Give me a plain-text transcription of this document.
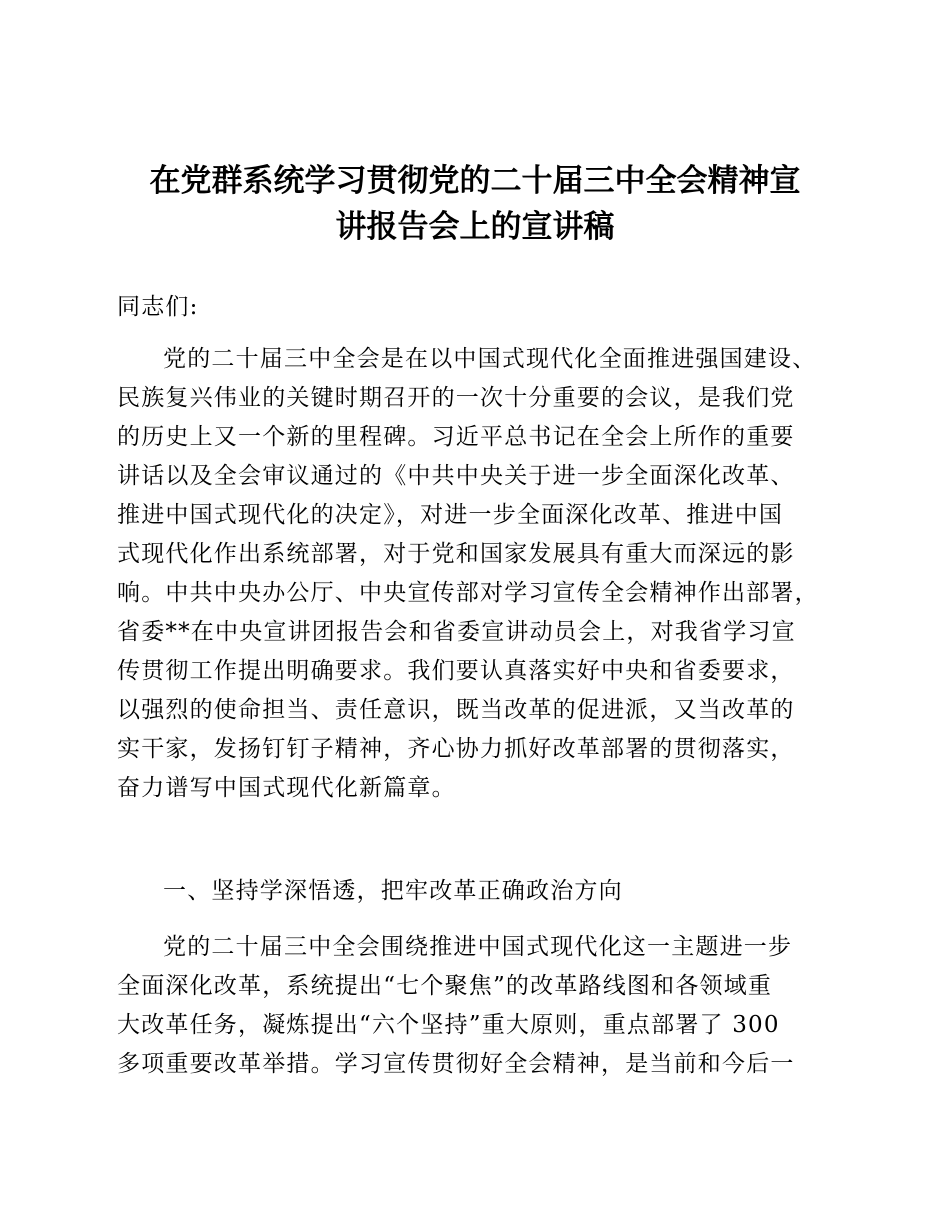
在党群系统学习贯彻党的二十届三中全会精神宣
讲报告会上的宣讲稿

同志们:

党的二十届三中全会是在以中国式现代化全面推进强国建设、
民族复兴伟业的关键时期召开的一次十分重要的会议，是我们党
的历史上又一个新的里程碑。习近平总书记在全会上所作的重要
讲话以及全会审议通过的《中共中央关于进一步全面深化改革、
推进中国式现代化的决定》，对进一步全面深化改革、推进中国
式现代化作出系统部署，对于党和国家发展具有重大而深远的影
响。中共中央办公厅、中央宣传部对学习宣传全会精神作出部署，
省委**在中央宣讲团报告会和省委宣讲动员会上，对我省学习宣
传贯彻工作提出明确要求。我们要认真落实好中央和省委要求，
以强烈的使命担当、责任意识，既当改革的促进派，又当改革的
实干家，发扬钉钉子精神，齐心协力抓好改革部署的贯彻落实，
奋力谱写中国式现代化新篇章。

一、坚持学深悟透，把牢改革正确政治方向

党的二十届三中全会围绕推进中国式现代化这一主题进一步
全面深化改革，系统提出“七个聚焦”的改革路线图和各领域重
大改革任务，凝炼提出“六个坚持”重大原则，重点部署了 300
多项重要改革举措。学习宣传贯彻好全会精神，是当前和今后一
